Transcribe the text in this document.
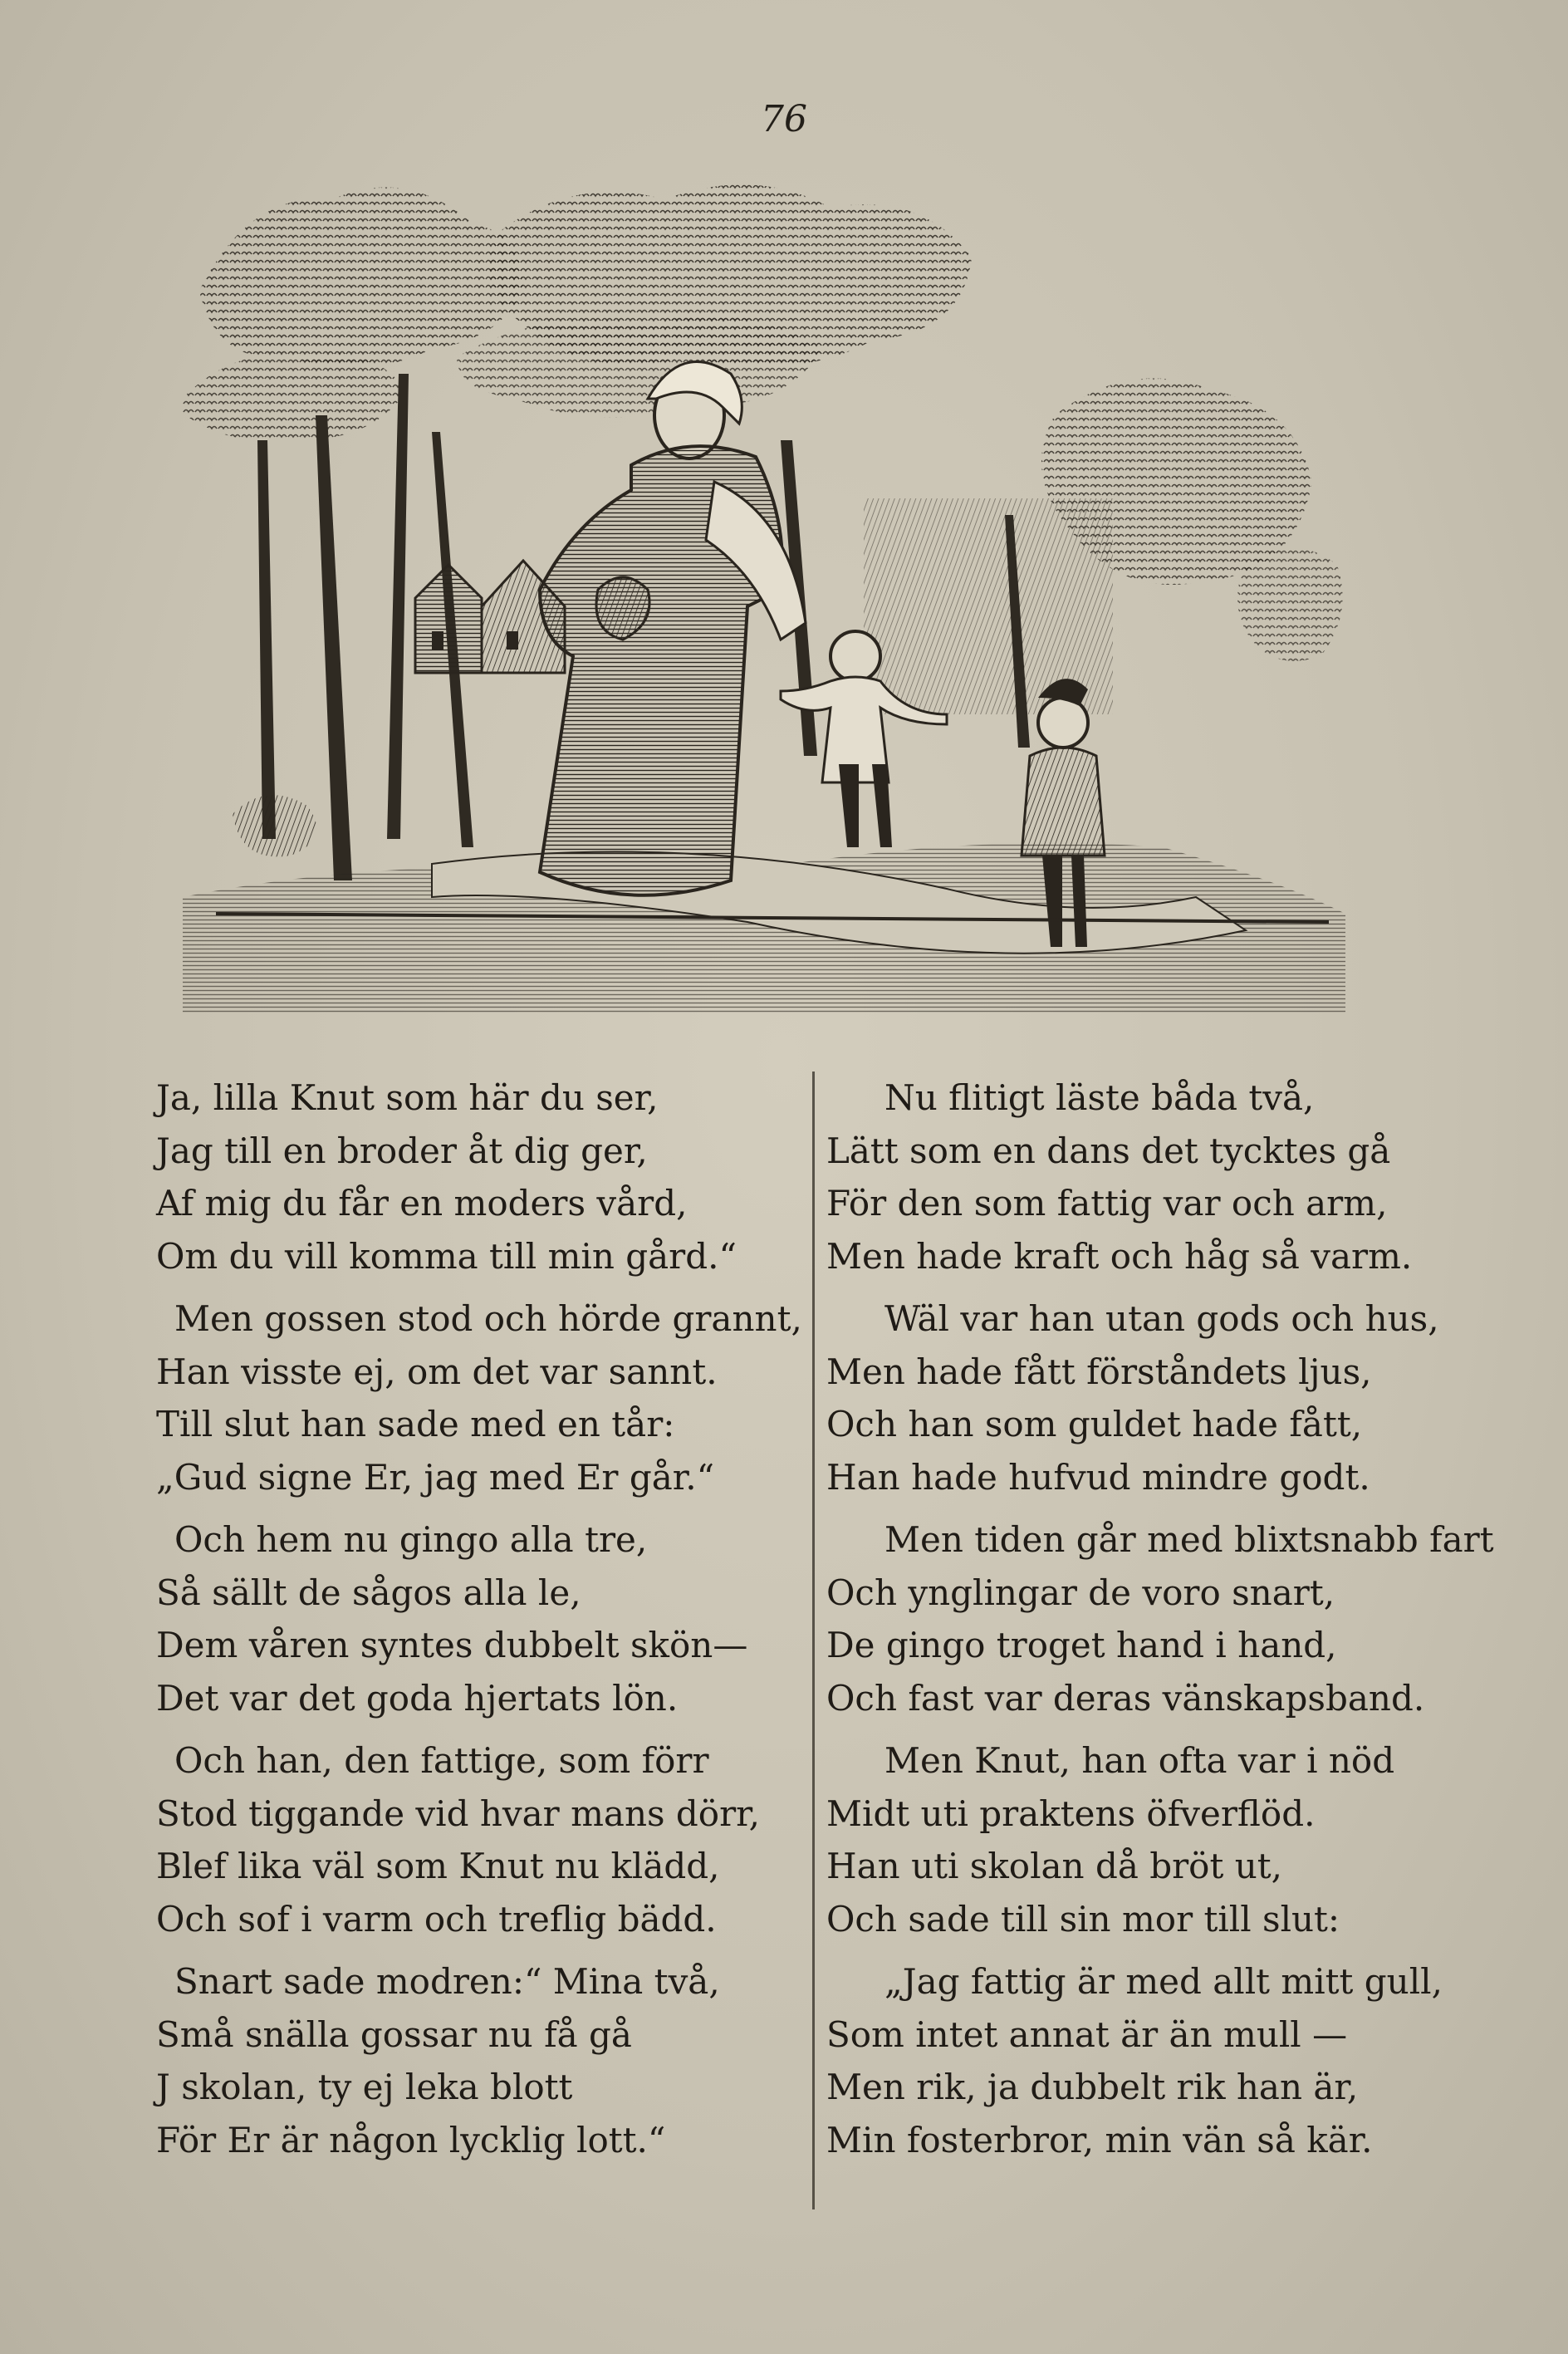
76
Ja, lilla Knut som här du ser,
Jag till en broder åt dig ger,
Af mig du får en moders vård,
Om du vill komma till min gård.“
Men gossen stod och hörde grannt,
Han visste ej, om det var sannt.
Till slut han sade med en tår:
„Gud signe Er, jag med Er går.“
Och hem nu gingo alla tre,
Så sällt de sågos alla le,
Dem våren syntes dubbelt skön—
Det var det goda hjertats lön.
Och han, den fattige, som förr
Stod tiggande vid hvar mans dörr,
Blef lika väl som Knut nu klädd,
Och sof i varm och treflig bädd.
Snart sade modren:“ Mina två,
Små snälla gossar nu få gå
J skolan, ty ej leka blott
För Er är någon lycklig lott.“
Nu flitigt läste båda två,
Lätt som en dans det tycktes gå
För den som fattig var och arm,
Men hade kraft och håg så varm.
Wäl var han utan gods och hus,
Men hade fått förståndets ljus,
Och han som guldet hade fått,
Han hade hufvud mindre godt.
Men tiden går med blixtsnabb fart
Och ynglingar de voro snart,
De gingo troget hand i hand,
Och fast var deras vänskapsband.
Men Knut, han ofta var i nöd
Midt uti praktens öfverflöd.
Han uti skolan då bröt ut,
Och sade till sin mor till slut:
„Jag fattig är med allt mitt gull,
Som intet annat är än mull —
Men rik, ja dubbelt rik han är,
Min fosterbror, min vän så kär.
